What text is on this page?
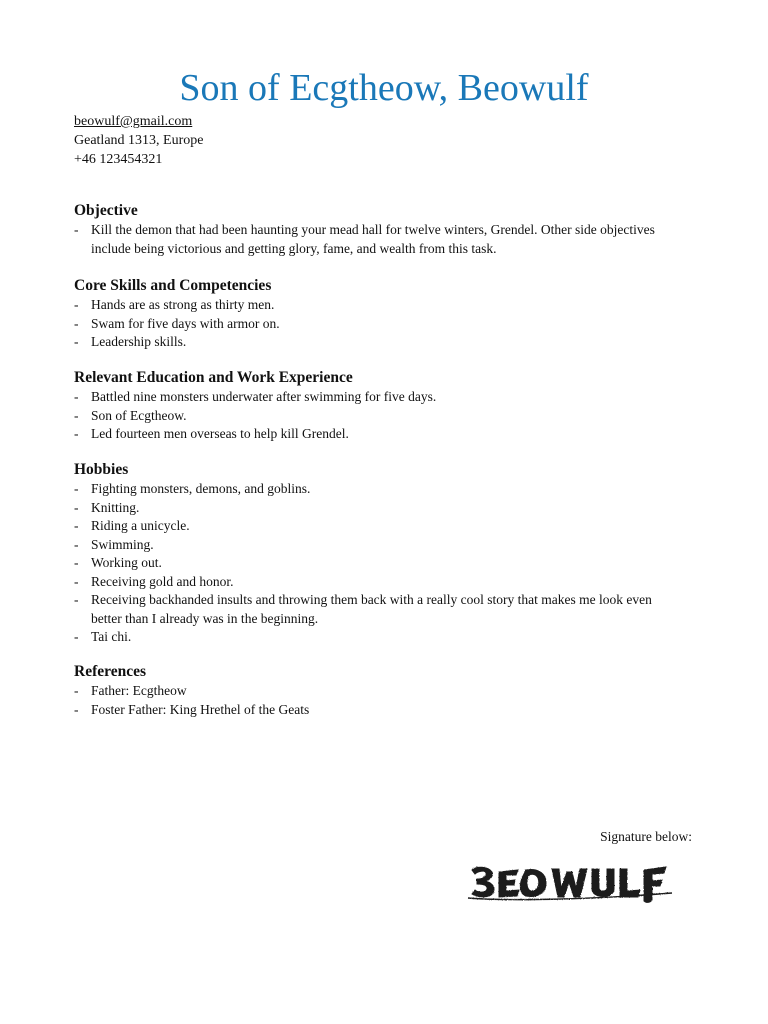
Son of Ecgtheow, Beowulf
beowulf@gmail.com
Geatland 1313, Europe
+46 123454321
Objective
- Kill the demon that had been haunting your mead hall for twelve winters, Grendel. Other side objectives include being victorious and getting glory, fame, and wealth from this task.
Core Skills and Competencies
- Hands are as strong as thirty men.
- Swam for five days with armor on.
- Leadership skills.
Relevant Education and Work Experience
- Battled nine monsters underwater after swimming for five days.
- Son of Ecgtheow.
- Led fourteen men overseas to help kill Grendel.
Hobbies
- Fighting monsters, demons, and goblins.
- Knitting.
- Riding a unicycle.
- Swimming.
- Working out.
- Receiving gold and honor.
- Receiving backhanded insults and throwing them back with a really cool story that makes me look even better than I already was in the beginning.
- Tai chi.
References
- Father: Ecgtheow
- Foster Father: King Hrethel of the Geats
Signature below:
